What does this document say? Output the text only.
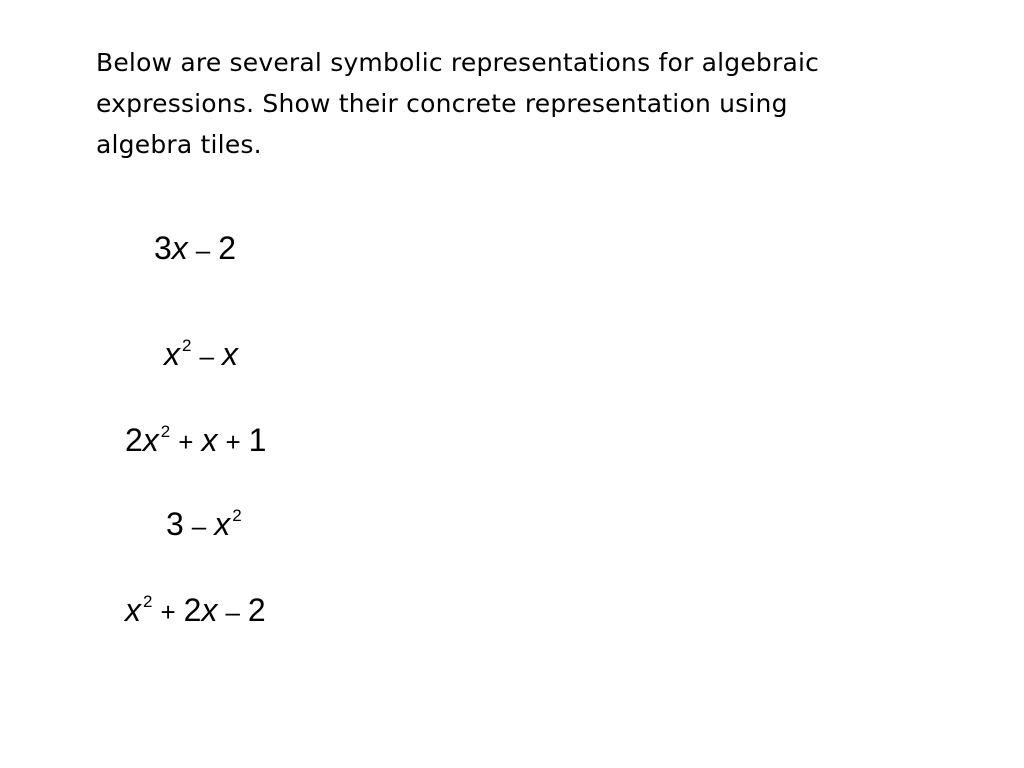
Below are several symbolic representations for algebraic
expressions. Show their concrete representation using
algebra tiles.

3x – 2
x $^2$ – x
2x $^2$ + x + 1
3 – x $^2$
x $^2$ + 2x – 2
